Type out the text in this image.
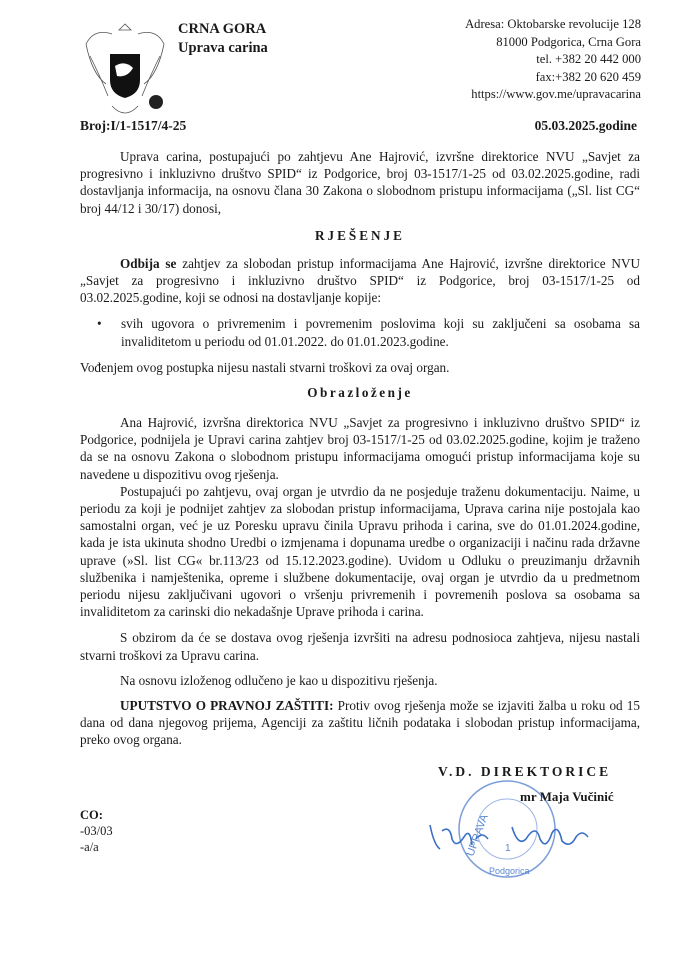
CRNA GORA
Uprava carina
Adresa: Oktobarske revolucije 128
81000 Podgorica, Crna Gora
tel. +382 20 442 000
fax:+382 20 620 459
https://www.gov.me/upravacarina
Broj:I/1-1517/4-25	05.03.2025.godine

Uprava carina, postupajući po zahtjevu Ane Hajrović, izvršne direktorice NVU „Savjet za progresivno i inkluzivno društvo SPID“ iz Podgorice, broj 03-1517/1-25 od 03.02.2025.godine, radi dostavljanja informacija, na osnovu člana 30 Zakona o slobodnom pristupu informacijama („Sl. list CG“ broj 44/12 i 30/17) donosi,

RJEŠENJE

Odbija se zahtjev za slobodan pristup informacijama Ane Hajrović, izvršne direktorice NVU „Savjet za progresivno i inkluzivno društvo SPID“ iz Podgorice, broj 03-1517/1-25 od 03.02.2025.godine, koji se odnosi na dostavljanje kopije:

•	svih ugovora o privremenim i povremenim poslovima koji su zaključeni sa osobama sa invaliditetom u periodu od 01.01.2022. do 01.01.2023.godine.

Vođenjem ovog postupka nijesu nastali stvarni troškovi za ovaj organ.

Obrazloženje

Ana Hajrović, izvršna direktorica NVU „Savjet za progresivno i inkluzivno društvo SPID“ iz Podgorice, podnijela je Upravi carina zahtjev broj 03-1517/1-25 od 03.02.2025.godine, kojim je traženo da se na osnovu Zakona o slobodnom pristupu informacijama omogući pristup informacijama koje su navedene u dispozitivu ovog rješenja.

Postupajući po zahtjevu, ovaj organ je utvrdio da ne posjeduje traženu dokumentaciju. Naime, u periodu za koji je podnijet zahtjev za slobodan pristup informacijama, Uprava carina nije postojala kao samostalni organ, već je uz Poresku upravu činila Upravu prihoda i carina, sve do 01.01.2024.godine, kada je ista ukinuta shodno Uredbi o izmjenama i dopunama uredbe o organizaciji i načinu rada državne uprave (»Sl. list CG« br.113/23 od 15.12.2023.godine). Uvidom u Odluku o preuzimanju državnih službenika i namještenika, opreme i službene dokumentacije, ovaj organ je utvrdio da u predmetnom periodu nijesu zaključivani ugovori o vršenju privremenih i povremenih poslova sa osobama sa invaliditetom za carinski dio nekadašnje Uprave prihoda i carina.

S obzirom da će se dostava ovog rješenja izvršiti na adresu podnosioca zahtjeva, nijesu nastali stvarni troškovi za Upravu carina.

Na osnovu izloženog odlučeno je kao u dispozitivu rješenja.

UPUTSTVO O PRAVNOJ ZAŠTITI: Protiv ovog rješenja može se izjaviti žalba u roku od 15 dana od dana njegovog prijema, Agenciji za zaštitu ličnih podataka i slobodan pristup informacijama, preko ovog organa.

UPRAVA 1
Podgorica
V.D. DIREKTORICE
mr Maja Vučinić
CO:
-03/03
-a/a
